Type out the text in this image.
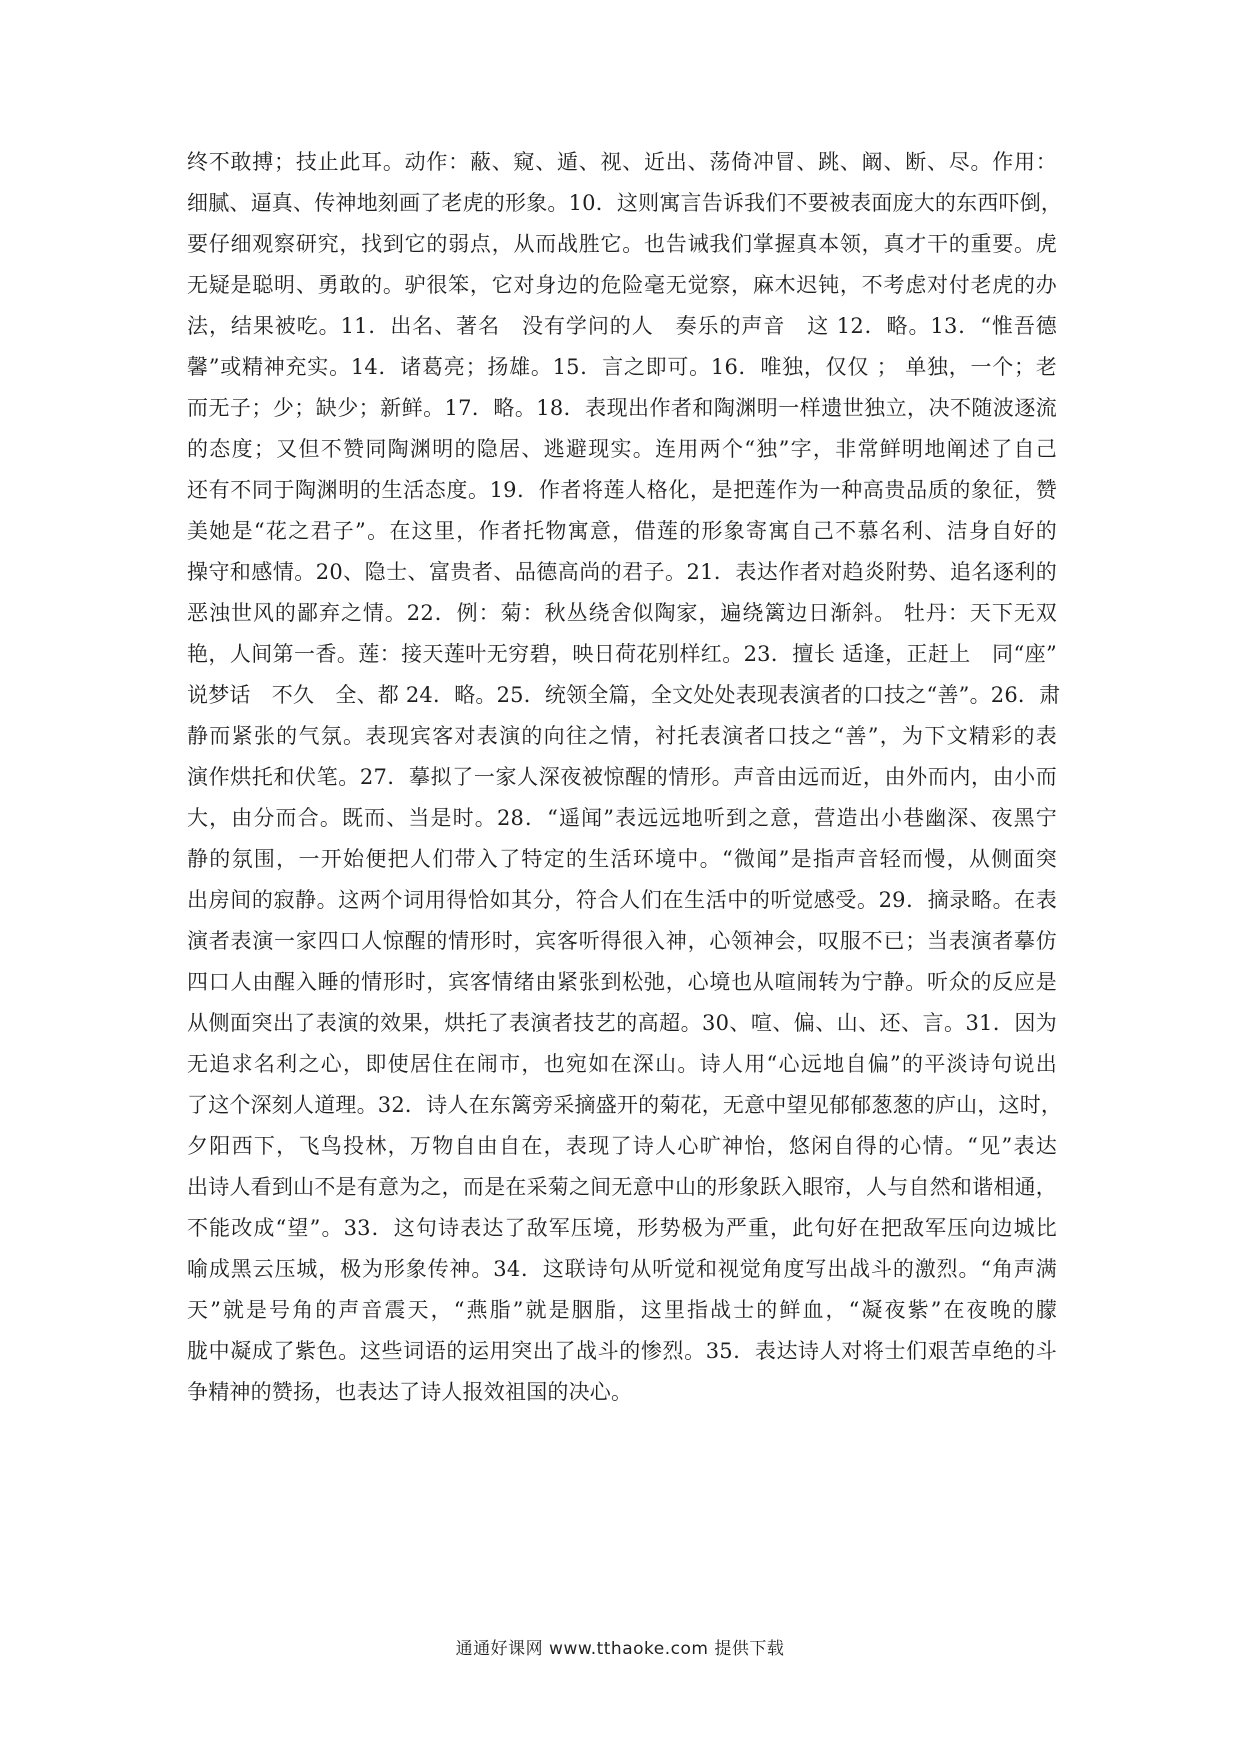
终不敢搏；技止此耳。动作：蔽、窥、遁、视、近出、荡倚冲冒、跳、阚、断、尽。作用：
细腻、逼真、传神地刻画了老虎的形象。10．这则寓言告诉我们不要被表面庞大的东西吓倒，
要仔细观察研究，找到它的弱点，从而战胜它。也告诫我们掌握真本领，真才干的重要。虎
无疑是聪明、勇敢的。驴很笨，它对身边的危险毫无觉察，麻木迟钝，不考虑对付老虎的办
法，结果被吃。11．出名、著名　没有学问的人　奏乐的声音　这 12．略。13．“惟吾德
馨”或精神充实。14．诸葛亮；扬雄。15．言之即可。16．唯独，仅仅 ； 单独，一个；老
而无子；少；缺少；新鲜。17．略。18．表现出作者和陶渊明一样遗世独立，决不随波逐流
的态度；又但不赞同陶渊明的隐居、逃避现实。连用两个“独”字，非常鲜明地阐述了自己
还有不同于陶渊明的生活态度。19．作者将莲人格化，是把莲作为一种高贵品质的象征，赞
美她是“花之君子”。在这里，作者托物寓意，借莲的形象寄寓自己不慕名利、洁身自好的
操守和感情。20、隐士、富贵者、品德高尚的君子。21．表达作者对趋炎附势、追名逐利的
恶浊世风的鄙弃之情。22．例：菊：秋丛绕舍似陶家，遍绕篱边日渐斜。 牡丹：天下无双
艳，人间第一香。莲：接天莲叶无穷碧，映日荷花别样红。23．擅长 适逢，正赶上　同“座”
说梦话　不久　全、都 24．略。25．统领全篇，全文处处表现表演者的口技之“善”。26．肃
静而紧张的气氛。表现宾客对表演的向往之情，衬托表演者口技之“善”，为下文精彩的表
演作烘托和伏笔。27．摹拟了一家人深夜被惊醒的情形。声音由远而近，由外而内，由小而
大，由分而合。既而、当是时。28．“遥闻”表远远地听到之意，营造出小巷幽深、夜黑宁
静的氛围，一开始便把人们带入了特定的生活环境中。“微闻”是指声音轻而慢，从侧面突
出房间的寂静。这两个词用得恰如其分，符合人们在生活中的听觉感受。29．摘录略。在表
演者表演一家四口人惊醒的情形时，宾客听得很入神，心领神会，叹服不已；当表演者摹仿
四口人由醒入睡的情形时，宾客情绪由紧张到松弛，心境也从喧闹转为宁静。听众的反应是
从侧面突出了表演的效果，烘托了表演者技艺的高超。30、喧、偏、山、还、言。31．因为
无追求名利之心，即使居住在闹市，也宛如在深山。诗人用“心远地自偏”的平淡诗句说出
了这个深刻人道理。32．诗人在东篱旁采摘盛开的菊花，无意中望见郁郁葱葱的庐山，这时，
夕阳西下，飞鸟投林，万物自由自在，表现了诗人心旷神怡，悠闲自得的心情。“见”表达
出诗人看到山不是有意为之，而是在采菊之间无意中山的形象跃入眼帘，人与自然和谐相通，
不能改成“望”。33．这句诗表达了敌军压境，形势极为严重，此句好在把敌军压向边城比
喻成黑云压城，极为形象传神。34．这联诗句从听觉和视觉角度写出战斗的激烈。“角声满
天”就是号角的声音震天，“燕脂”就是胭脂，这里指战士的鲜血，“凝夜紫”在夜晚的朦
胧中凝成了紫色。这些词语的运用突出了战斗的惨烈。35．表达诗人对将士们艰苦卓绝的斗
争精神的赞扬，也表达了诗人报效祖国的决心。
通通好课网 www.tthaoke.com 提供下载
